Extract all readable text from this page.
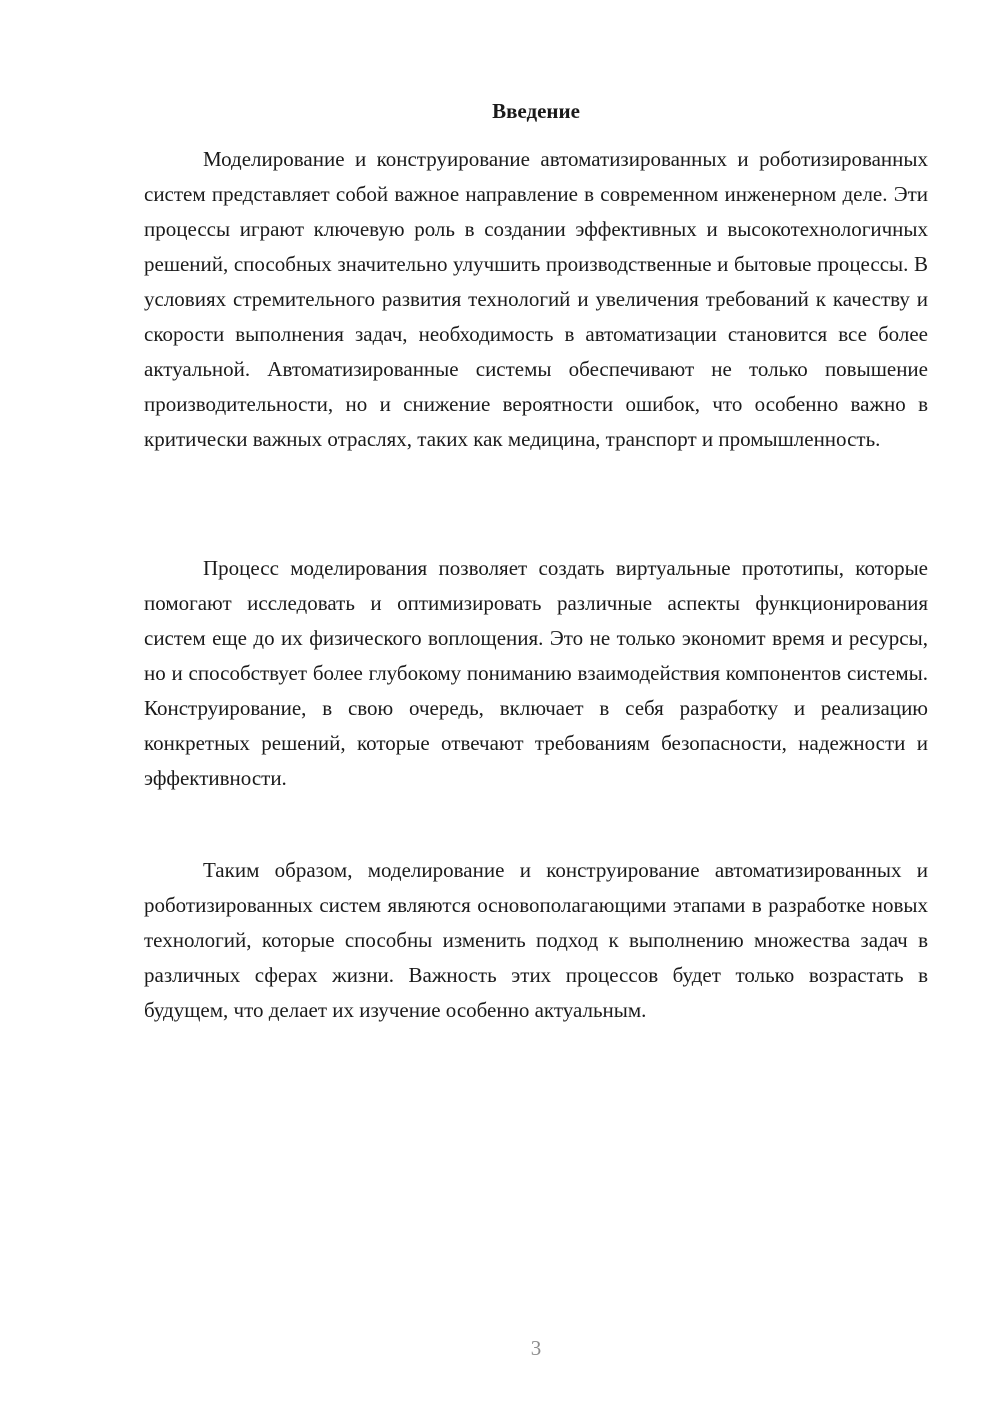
Введение

Моделирование и конструирование автоматизированных и роботизированных систем представляет собой важное направление в современном инженерном деле. Эти процессы играют ключевую роль в создании эффективных и высокотехнологичных решений, способных значительно улучшить производственные и бытовые процессы. В условиях стремительного развития технологий и увеличения требований к качеству и скорости выполнения задач, необходимость в автоматизации становится все более актуальной. Автоматизированные системы обеспечивают не только повышение производительности, но и снижение вероятности ошибок, что особенно важно в критически важных отраслях, таких как медицина, транспорт и промышленность.

Процесс моделирования позволяет создать виртуальные прототипы, которые помогают исследовать и оптимизировать различные аспекты функционирования систем еще до их физического воплощения. Это не только экономит время и ресурсы, но и способствует более глубокому пониманию взаимодействия компонентов системы. Конструирование, в свою очередь, включает в себя разработку и реализацию конкретных решений, которые отвечают требованиям безопасности, надежности и эффективности.

Таким образом, моделирование и конструирование автоматизированных и роботизированных систем являются основополагающими этапами в разработке новых технологий, которые способны изменить подход к выполнению множества задач в различных сферах жизни. Важность этих процессов будет только возрастать в будущем, что делает их изучение особенно актуальным.

3
